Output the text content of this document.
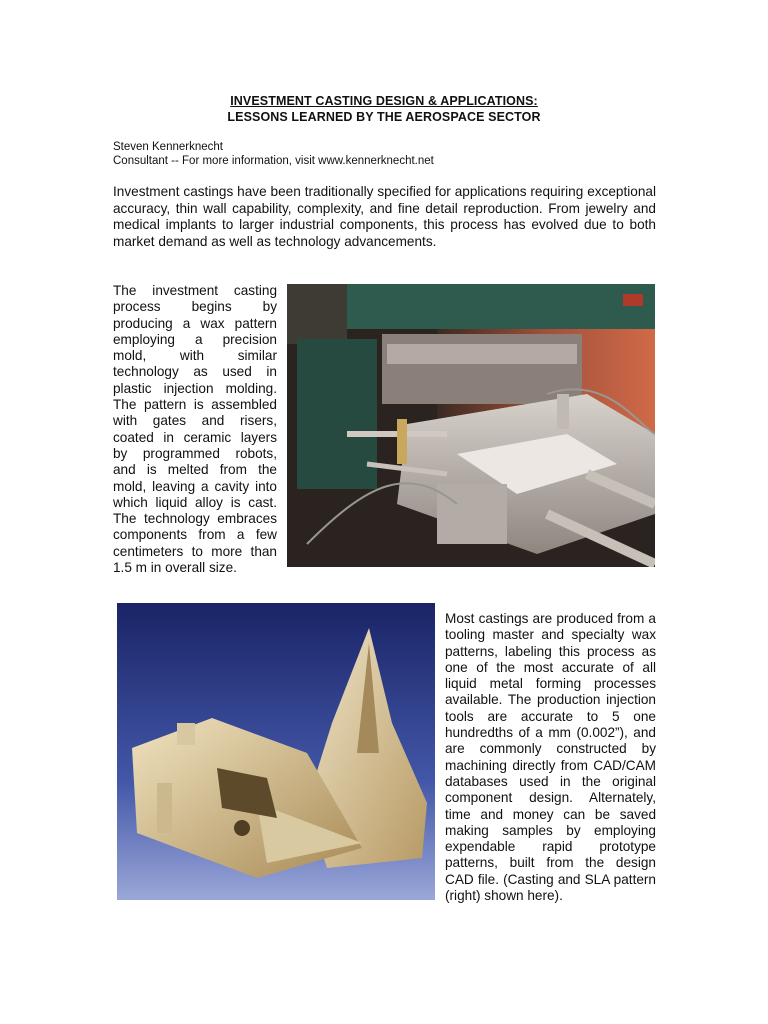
INVESTMENT CASTING DESIGN & APPLICATIONS:
LESSONS LEARNED BY THE AEROSPACE SECTOR
Steven Kennerknecht
Consultant -- For more information, visit www.kennerknecht.net
Investment castings have been traditionally specified for applications requiring exceptional accuracy, thin wall capability, complexity, and fine detail reproduction. From jewelry and medical implants to larger industrial components, this process has evolved due to both market demand as well as technology advancements.
The investment casting process begins by producing a wax pattern employing a precision mold, with similar technology as used in plastic injection molding. The pattern is assembled with gates and risers, coated in ceramic layers by programmed robots, and is melted from the mold, leaving a cavity into which liquid alloy is cast. The technology embraces components from a few centimeters to more than 1.5 m in overall size.
Most castings are produced from a tooling master and specialty wax patterns, labeling this process as one of the most accurate of all liquid metal forming processes available. The production injection tools are accurate to 5 one hundredths of a mm (0.002”), and are commonly constructed by machining directly from CAD/CAM databases used in the original component design. Alternately, time and money can be saved making samples by employing expendable rapid prototype patterns, built from the design CAD file. (Casting and SLA pattern (right) shown here).
